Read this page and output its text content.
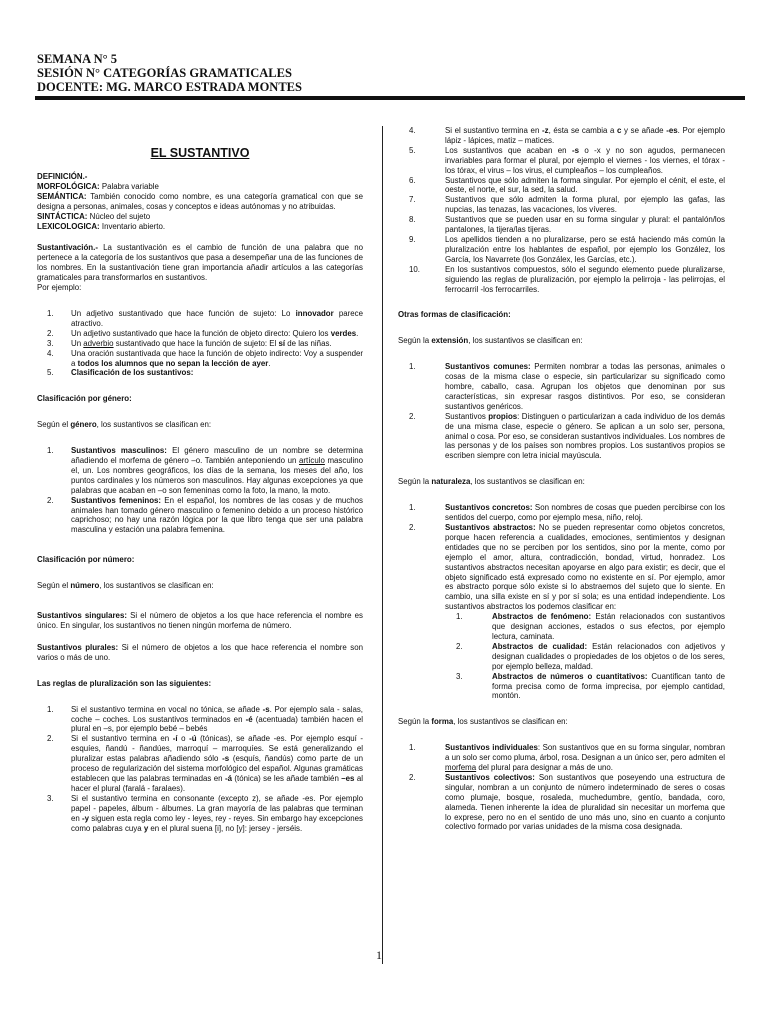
SEMANA N° 5
SESIÓN N° CATEGORÍAS GRAMATICALES
DOCENTE: MG. MARCO ESTRADA MONTES

EL SUSTANTIVO

DEFINICIÓN.-

MORFOLÓGICA: Palabra variable

SEMÁNTICA: También conocido como nombre, es una categoría gramatical con que se designa a personas, animales, cosas y conceptos e ideas autónomas y no atribuidas.

SINTÁCTICA: Núcleo del sujeto

LEXICOLOGICA: Inventario abierto.

Sustantivación.- La sustantivación es el cambio de función de una palabra que no pertenece a la categoría de los sustantivos que pasa a desempeñar una de las funciones de los nombres. En la sustantivación tiene gran importancia añadir artículos a las categorías gramaticales para transformarlos en sustantivos.

Por ejemplo:

1. Un adjetivo sustantivado que hace función de sujeto: Lo innovador parece atractivo.
2. Un adjetivo sustantivado que hace la función de objeto directo: Quiero los verdes.
3. Un adverbio sustantivado que hace la función de sujeto: El sí de las niñas.
4. Una oración sustantivada que hace la función de objeto indirecto: Voy a suspender a todos los alumnos que no sepan la lección de ayer.
5. Clasificación de los sustantivos:

Clasificación por género:

Según el género, los sustantivos se clasifican en:

1. Sustantivos masculinos: El género masculino de un nombre se determina añadiendo el morfema de género –o. También anteponiendo un artículo masculino el, un. Los nombres geográficos, los días de la semana, los meses del año, los puntos cardinales y los números son masculinos. Hay algunas excepciones ya que palabras que acaban en –o son femeninas como la foto, la mano, la moto.
2. Sustantivos femeninos: En el español, los nombres de las cosas y de muchos animales han tomado género masculino o femenino debido a un proceso histórico caprichoso; no hay una razón lógica por la que libro tenga que ser una palabra masculina y estación una palabra femenina.

Clasificación por número:

Según el número, los sustantivos se clasifican en:

Sustantivos singulares: Si el número de objetos a los que hace referencia el nombre es único. En singular, los sustantivos no tienen ningún morfema de número.

Sustantivos plurales: Si el número de objetos a los que hace referencia el nombre son varios o más de uno.

Las reglas de pluralización son las siguientes:

1. Si el sustantivo termina en vocal no tónica, se añade -s. Por ejemplo sala - salas, coche – coches. Los sustantivos terminados en -é (acentuada) también hacen el plural en –s, por ejemplo bebé – bebés
2. Si el sustantivo termina en -í o -ú (tónicas), se añade -es. Por ejemplo esquí - esquíes, ñandú - ñandúes, marroquí – marroquíes. Se está generalizando el pluralizar estas palabras añadiendo sólo -s (esquís, ñandús) como parte de un proceso de regularización del sistema morfológico del español. Algunas gramáticas establecen que las palabras terminadas en -á (tónica) se les añade también –es al hacer el plural (faralá - faralaes).
3. Si el sustantivo termina en consonante (excepto z), se añade -es. Por ejemplo papel - papeles, álbum - álbumes. La gran mayoría de las palabras que terminan en -y siguen esta regla como ley - leyes, rey - reyes. Sin embargo hay excepciones como palabras cuya y en el plural suena [i], no [y]: jersey - jerséis.
4.	Si el sustantivo termina en -z, ésta se cambia a c y se añade -es. Por ejemplo lápiz - lápices, matiz – matices.
5.	Los sustantivos que acaban en -s o -x y no son agudos, permanecen invariables para formar el plural, por ejemplo el viernes - los viernes, el tórax - los tórax, el virus – los virus, el cumpleaños – los cumpleaños.
6.	Sustantivos que sólo admiten la forma singular. Por ejemplo el cénit, el este, el oeste, el norte, el sur, la sed, la salud.
7.	Sustantivos que sólo admiten la forma plural, por ejemplo las gafas, las nupcias, las tenazas, las vacaciones, los víveres.
8.	Sustantivos que se pueden usar en su forma singular y plural: el pantalón/los pantalones, la tijera/las tijeras.
9.	Los apellidos tienden a no pluralizarse, pero se está haciendo más común la pluralización entre los hablantes de español, por ejemplo los González, los García, los Navarrete (los Gonzálex, les Garcías, etc.).
10.	En los sustantivos compuestos, sólo el segundo elemento puede pluralizarse, siguiendo las reglas de pluralización, por ejemplo la pelirroja - las pelirrojas, el ferrocarril -los ferrocarriles.

Otras formas de clasificación:

Según la extensión, los sustantivos se clasifican en:

1.	Sustantivos comunes: Permiten nombrar a todas las personas, animales o cosas de la misma clase o especie, sin particularizar su significado como hombre, caballo, casa. Agrupan los objetos que denominan por sus características, sin expresar rasgos distintivos. Por eso, se consideran sustantivos genéricos.
2.	Sustantivos propios: Distinguen o particularizan a cada individuo de los demás de una misma clase, especie o género. Se aplican a un solo ser, persona, animal o cosa. Por eso, se consideran sustantivos individuales. Los nombres de las personas y de los países son nombres propios. Los sustantivos propios se escriben siempre con letra inicial mayúscula.

Según la naturaleza, los sustantivos se clasifican en:

1.	Sustantivos concretos: Son nombres de cosas que pueden percibirse con los sentidos del cuerpo, como por ejemplo mesa, niño, reloj.
2.	Sustantivos abstractos: No se pueden representar como objetos concretos, porque hacen referencia a cualidades, emociones, sentimientos y designan entidades que no se perciben por los sentidos, sino por la mente, como por ejemplo el amor, altura, contradicción, bondad, virtud, honradez. Los sustantivos abstractos necesitan apoyarse en algo para existir; es decir, que el objeto significado está expresado como no existente en sí. Por ejemplo, amor es abstracto porque sólo existe si lo abstraemos del sujeto que lo siente. En cambio, una silla existe en sí y por sí sola; es una entidad independiente. Los sustantivos abstractos los podemos clasificar en:
1.	Abstractos de fenómeno: Están relacionados con sustantivos que designan acciones, estados o sus efectos, por ejemplo lectura, caminata.
2.	Abstractos de cualidad: Están relacionados con adjetivos y designan cualidades o propiedades de los objetos o de los seres, por ejemplo belleza, maldad.
3.	Abstractos de números o cuantitativos: Cuantifican tanto de forma precisa como de forma imprecisa, por ejemplo cantidad, montón.

Según la forma, los sustantivos se clasifican en:

1.	Sustantivos individuales: Son sustantivos que en su forma singular, nombran a un solo ser como pluma, árbol, rosa. Designan a un único ser, pero admiten el morfema del plural para designar a más de uno.
2.	Sustantivos colectivos: Son sustantivos que poseyendo una estructura de singular, nombran a un conjunto de número indeterminado de seres o cosas como plumaje, bosque, rosaleda, muchedumbre, gentío, bandada, coro, alameda. Tienen inherente la idea de pluralidad sin necesitar un morfema que lo exprese, pero no en el sentido de uno más uno, sino en cuanto a conjunto colectivo formado por varias unidades de la misma cosa designada.
1
